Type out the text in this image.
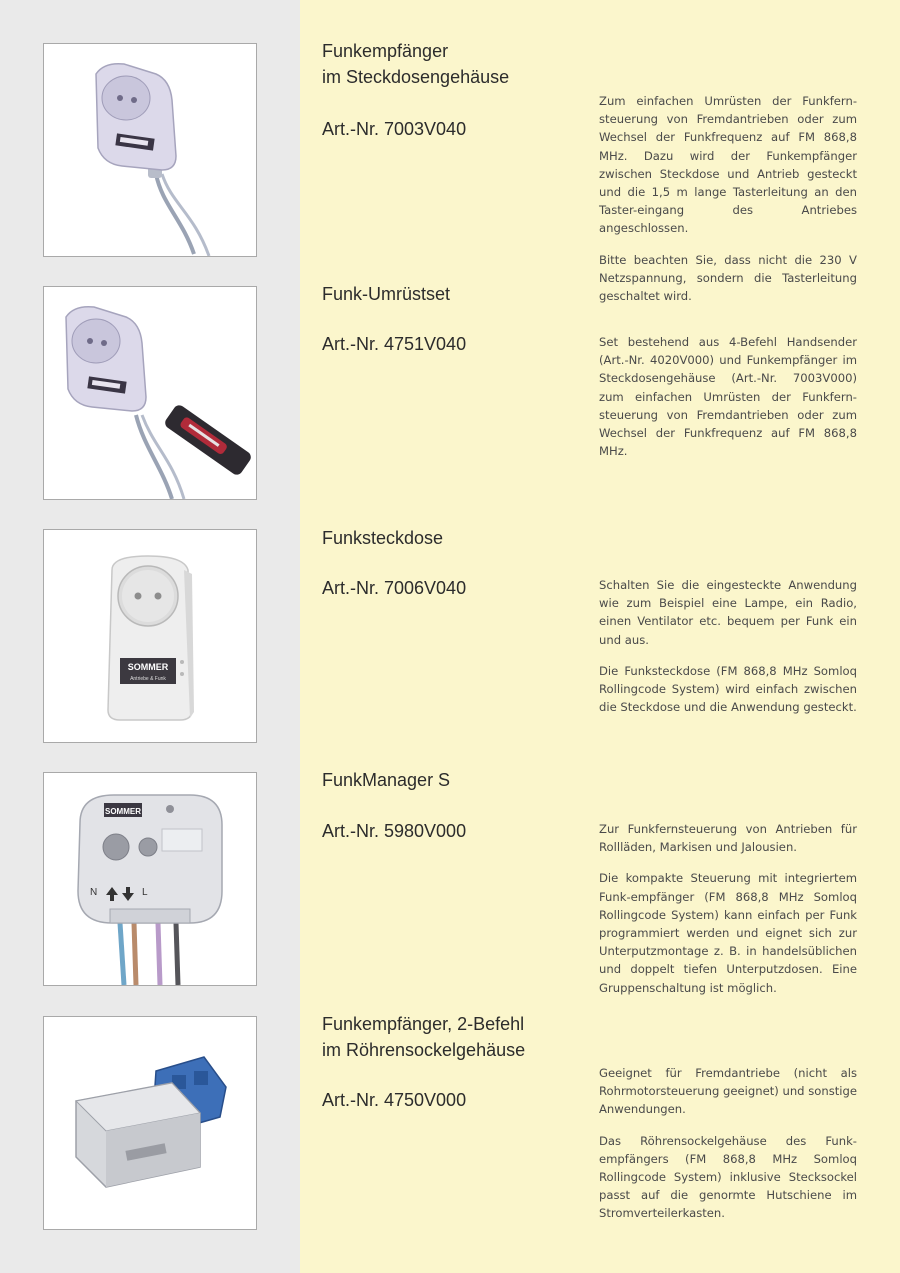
Funkempfänger
im Steckdosengehäuse
Art.-Nr. 7003V040

Zum einfachen Umrüsten der Funkfern-steuerung von Fremdantrieben oder zum Wechsel der Funkfrequenz auf FM 868,8 MHz. Dazu wird der Funkempfänger zwischen Steckdose und Antrieb gesteckt und die 1,5 m lange Tasterleitung an den Taster-eingang des Antriebes angeschlossen.

Bitte beachten Sie, dass nicht die 230 V Netzspannung, sondern die Tasterleitung geschaltet wird.

Funk-Umrüstset
Art.-Nr. 4751V040	Set bestehend aus 4-Befehl Handsender (Art.-Nr. 4020V000) und Funkempfänger im Steckdosengehäuse (Art.-Nr. 7003V000) zum einfachen Umrüsten der Funkfern-steuerung von Fremdantrieben oder zum Wechsel der Funkfrequenz auf FM 868,8 MHz.

SOMMER
Antriebe & Funk
Funksteckdose
Art.-Nr. 7006V040	Schalten Sie die eingesteckte Anwendung wie zum Beispiel eine Lampe, ein Radio, einen Ventilator etc. bequem per Funk ein und aus.

Die Funksteckdose (FM 868,8 MHz Somloq Rollingcode System) wird einfach zwischen die Steckdose und die Anwendung gesteckt.

SOMMER
N	L
FunkManager S
Art.-Nr. 5980V000	Zur Funkfernsteuerung von Antrieben für Rollläden, Markisen und Jalousien.

Die kompakte Steuerung mit integriertem Funk-empfänger (FM 868,8 MHz Somloq Rollingcode System) kann einfach per Funk programmiert werden und eignet sich zur Unterputzmontage z. B. in handelsüblichen und doppelt tiefen Unterputzdosen. Eine Gruppenschaltung ist möglich.

Funkempfänger, 2-Befehl
im Röhrensockelgehäuse
Art.-Nr. 4750V000

Geeignet für Fremdantriebe (nicht als Rohrmotorsteuerung geeignet) und sonstige Anwendungen.

Das Röhrensockelgehäuse des Funk-empfängers (FM 868,8 MHz Somloq Rollingcode System) inklusive Stecksockel passt auf die genormte Hutschiene im Stromverteilerkasten.
